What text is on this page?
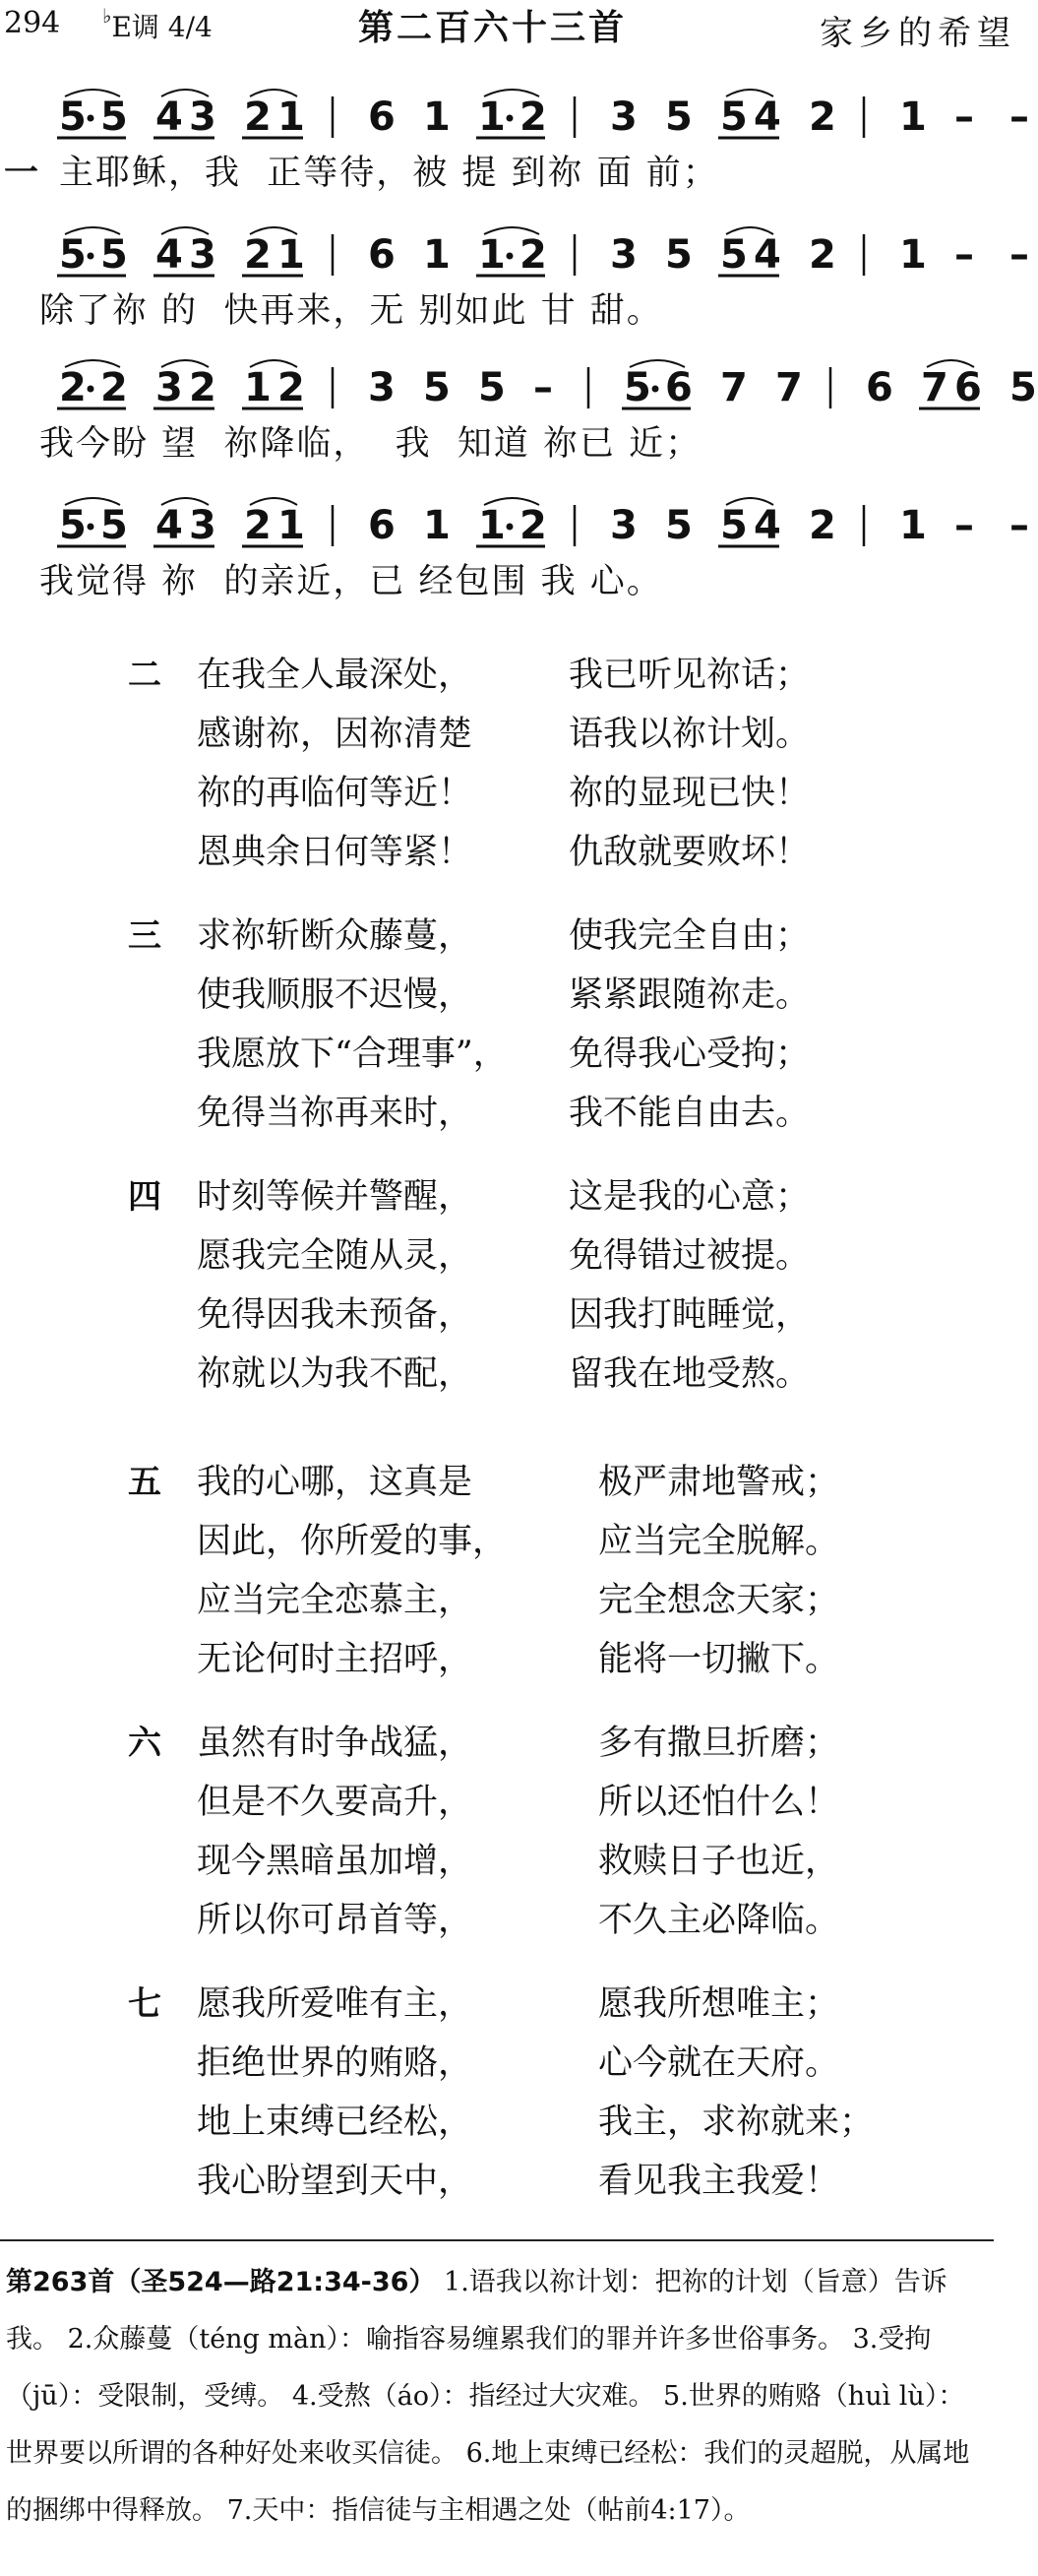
294 ♭E调 4/4	第二百六十三首	家乡的希望
5 5 4 3 2 1 6 1 1 2 3 5 5 4 2 1 – –
一 主耶稣，我  正等待，被 提 到祢 面 前；
5 5 4 3 2 1 6 1 1 2 3 5 5 4 2 1 – –
除了祢 的  快再来，无 别如此 甘 甜。
2 2 3 2 1 2 3 5 5 – 5 6 7 7 6 7 6 5
我今盼 望  祢降临，  我  知道 祢已 近；
5 5 4 3 2 1 6 1 1 2 3 5 5 4 2 1 – –
我觉得 祢  的亲近，已 经包围 我 心。
二 在我全人最深处，	我已听见祢话；
感谢祢，因祢清楚	语我以祢计划。
祢的再临何等近！	祢的显现已快！
恩典余日何等紧！	仇敌就要败坏！
三 求祢斩断众藤蔓，	使我完全自由；
使我顺服不迟慢，	紧紧跟随祢走。
我愿放下“合理事”， 免得我心受拘；
免得当祢再来时，	我不能自由去。
四 时刻等候并警醒，	这是我的心意；
愿我完全随从灵，	免得错过被提。
免得因我未预备，	因我打盹睡觉，
祢就以为我不配，	留我在地受熬。
五 我的心哪，这真是	极严肃地警戒；
因此，你所爱的事，	应当完全脱解。
应当完全恋慕主，	完全想念天家；
无论何时主招呼，	能将一切撇下。
六 虽然有时争战猛，	多有撒旦折磨；
但是不久要高升，	所以还怕什么！
现今黑暗虽加增，	救赎日子也近，
所以你可昂首等，	不久主必降临。
七 愿我所爱唯有主，	愿我所想唯主；
拒绝世界的贿赂，	心今就在天府。
地上束缚已经松，	我主，求祢就来；
我心盼望到天中，	看见我主我爱！
第263首（圣524—路21:34-36） 1.语我以祢计划：把祢的计划（旨意）告诉我。 2.众藤蔓（téng màn）：喻指容易缠累我们的罪并许多世俗事务。 3.受拘（jū）：受限制，受缚。 4.受熬（áo）：指经过大灾难。 5.世界的贿赂（huì lù）：世界要以所谓的各种好处来收买信徒。 6.地上束缚已经松：我们的灵超脱，从属地的捆绑中得释放。 7.天中：指信徒与主相遇之处（帖前4:17）。
